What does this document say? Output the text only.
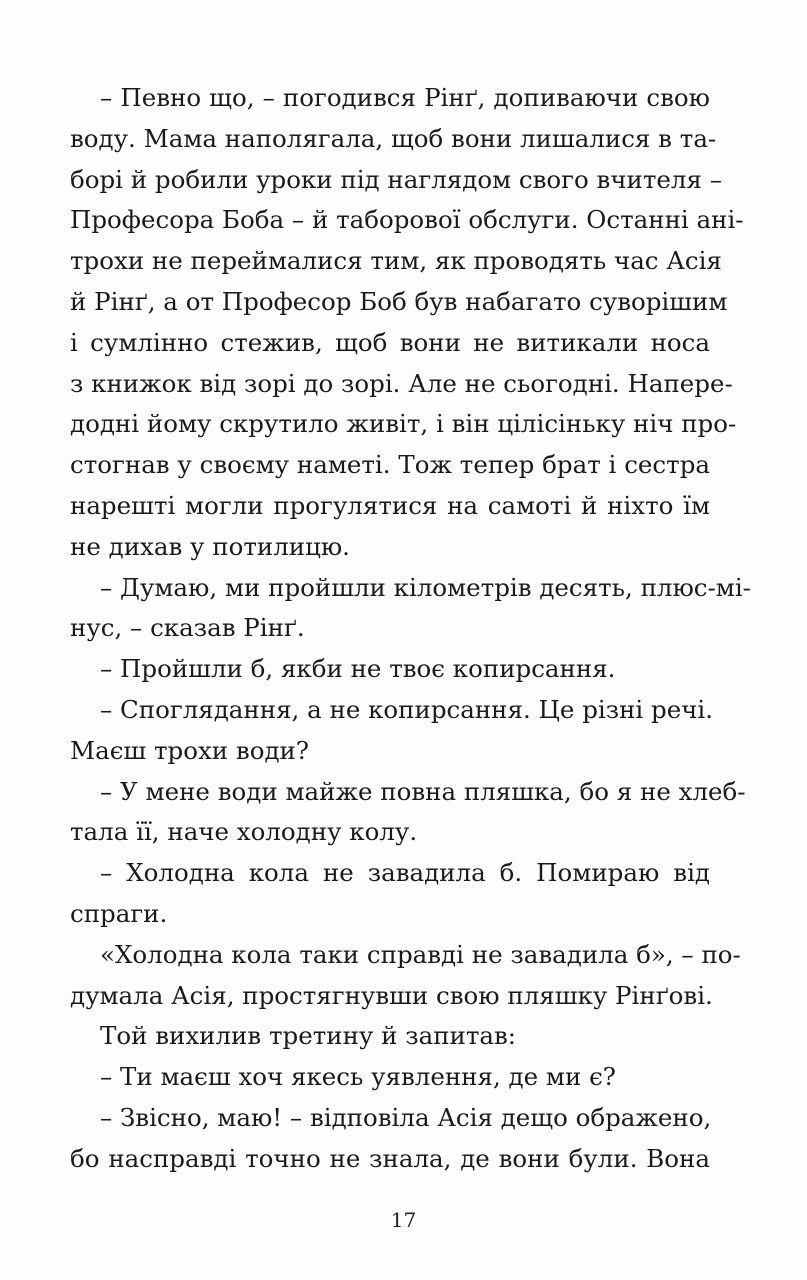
– Певно що, – погодився Рінґ, допиваючи свою
воду. Мама наполягала, щоб вони лишалися в та-
борі й робили уроки під наглядом свого вчителя –
Професора Боба – й таборової обслуги. Останні ані-
трохи не переймалися тим, як проводять час Асія
й Рінґ, а от Професор Боб був набагато суворішим
і сумлінно стежив, щоб вони не витикали носа
з книжок від зорі до зорі. Але не сьогодні. Напере-
додні йому скрутило живіт, і він цілісіньку ніч про-
стогнав у своєму наметі. Тож тепер брат і сестра
нарешті могли прогулятися на самоті й ніхто їм
не дихав у потилицю.
– Думаю, ми пройшли кілометрів десять, плюс-мі-
нус, – сказав Рінґ.
– Пройшли б, якби не твоє копирсання.
– Споглядання, а не копирсання. Це різні речі.
Маєш трохи води?
– У мене води майже повна пляшка, бо я не хлеб-
тала її, наче холодну колу.
– Холодна кола не завадила б. Помираю від
спраги.
«Холодна кола таки справді не завадила б», – по-
думала Асія, простягнувши свою пляшку Рінґові.
Той вихилив третину й запитав:
– Ти маєш хоч якесь уявлення, де ми є?
– Звісно, маю! – відповіла Асія дещо ображено,
бо насправді точно не знала, де вони були. Вона
17
